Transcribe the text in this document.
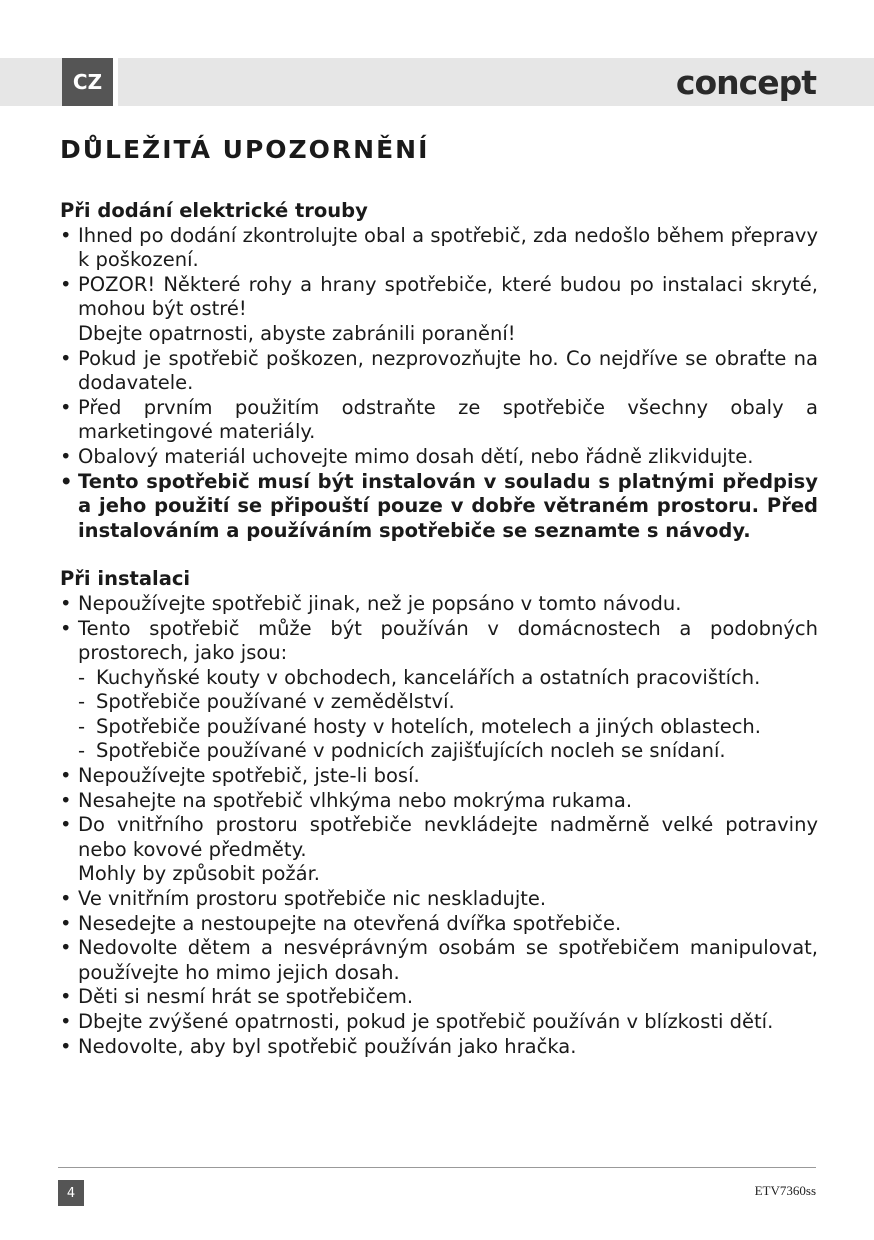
CZ	concept
DŮLEŽITÁ UPOZORNĚNÍ
Při dodání elektrické trouby
• Ihned po dodání zkontrolujte obal a spotřebič, zda nedošlo během přepravy k poškození.
• POZOR! Některé rohy a hrany spotřebiče, které budou po instalaci skryté, mohou být ostré!
Dbejte opatrnosti, abyste zabránili poranění!
• Pokud je spotřebič poškozen, nezprovozňujte ho. Co nejdříve se obraťte na dodavatele.
• Před prvním použitím odstraňte ze spotřebiče všechny obaly a marketingové materiály.
• Obalový materiál uchovejte mimo dosah dětí, nebo řádně zlikvidujte.
• Tento spotřebič musí být instalován v souladu s platnými předpisy a jeho použití se připouští pouze v dobře větraném prostoru. Před instalováním a používáním spotřebiče se seznamte s návody.
Při instalaci
• Nepoužívejte spotřebič jinak, než je popsáno v tomto návodu.
• Tento spotřebič může být používán v domácnostech a podobných prostorech, jako jsou:
- Kuchyňské kouty v obchodech, kancelářích a ostatních pracovištích.
- Spotřebiče používané v zemědělství.
- Spotřebiče používané hosty v hotelích, motelech a jiných oblastech.
- Spotřebiče používané v podnicích zajišťujících nocleh se snídaní.
• Nepoužívejte spotřebič, jste-li bosí.
• Nesahejte na spotřebič vlhkýma nebo mokrýma rukama.
• Do vnitřního prostoru spotřebiče nevkládejte nadměrně velké potraviny nebo kovové předměty.
Mohly by způsobit požár.
• Ve vnitřním prostoru spotřebiče nic neskladujte.
• Nesedejte a nestoupejte na otevřená dvířka spotřebiče.
• Nedovolte dětem a nesvéprávným osobám se spotřebičem manipulovat, používejte ho mimo jejich dosah.
• Děti si nesmí hrát se spotřebičem.
• Dbejte zvýšené opatrnosti, pokud je spotřebič používán v blízkosti dětí.
• Nedovolte, aby byl spotřebič používán jako hračka.
4	ETV7360ss
